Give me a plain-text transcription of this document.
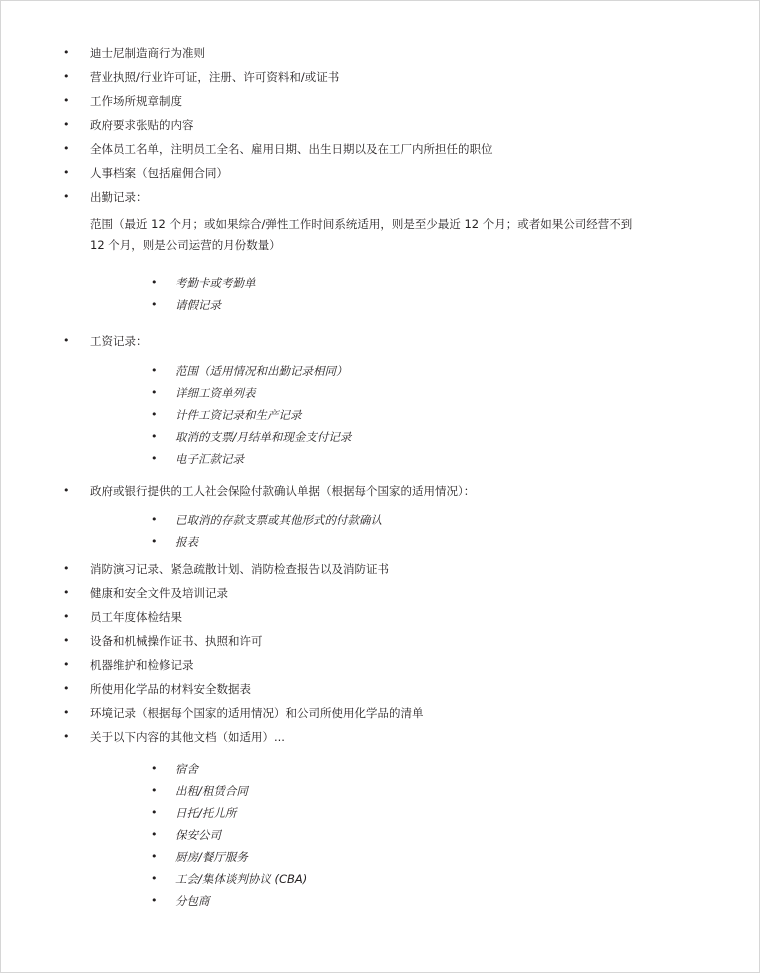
• 迪士尼制造商行为准则
• 营业执照/行业许可证，注册、许可资料和/或证书
• 工作场所规章制度
• 政府要求张贴的内容
• 全体员工名单，注明员工全名、雇用日期、出生日期以及在工厂内所担任的职位
• 人事档案（包括雇佣合同）
• 出勤记录：
范围（最近 12 个月；或如果综合/弹性工作时间系统适用，则是至少最近 12 个月；或者如果公司经营不到 12 个月，则是公司运营的月份数量）
• 考勤卡或考勤单
• 请假记录
• 工资记录：
• 范围（适用情况和出勤记录相同）
• 详细工资单列表
• 计件工资记录和生产记录
• 取消的支票/月结单和现金支付记录
• 电子汇款记录
• 政府或银行提供的工人社会保险付款确认单据（根据每个国家的适用情况）：
• 已取消的存款支票或其他形式的付款确认
• 报表
• 消防演习记录、紧急疏散计划、消防检查报告以及消防证书
• 健康和安全文件及培训记录
• 员工年度体检结果
• 设备和机械操作证书、执照和许可
• 机器维护和检修记录
• 所使用化学品的材料安全数据表
• 环境记录（根据每个国家的适用情况）和公司所使用化学品的清单
• 关于以下内容的其他文档（如适用）...
• 宿舍
• 出租/租赁合同
• 日托/托儿所
• 保安公司
• 厨房/餐厅服务
• 工会/集体谈判协议 (CBA)
• 分包商
